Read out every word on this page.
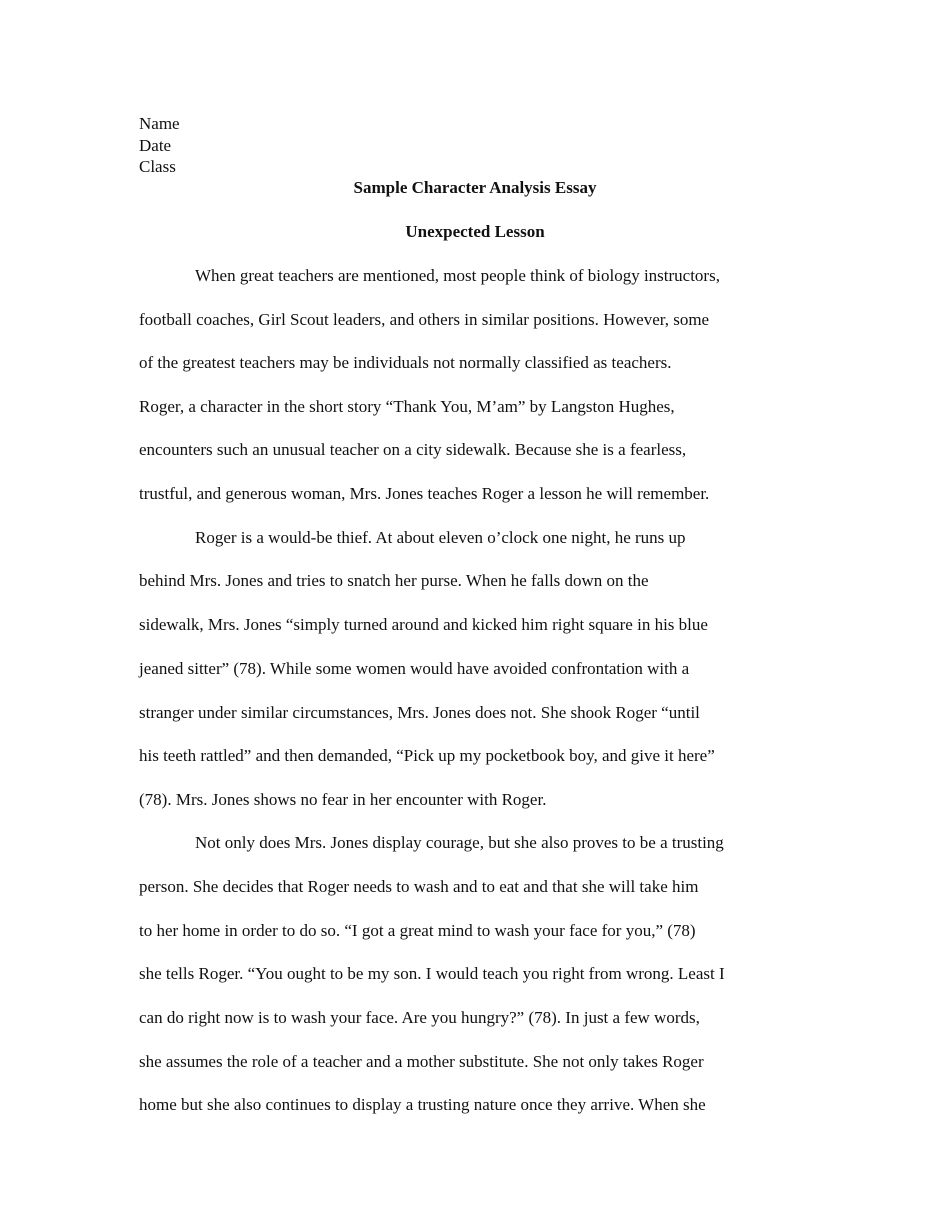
Name
Date
Class
Sample Character Analysis Essay
Unexpected Lesson
When great teachers are mentioned, most people think of biology instructors,
football coaches, Girl Scout leaders, and others in similar positions. However, some
of the greatest teachers may be individuals not normally classified as teachers.
Roger, a character in the short story “Thank You, M’am” by Langston Hughes,
encounters such an unusual teacher on a city sidewalk. Because she is a fearless,
trustful, and generous woman, Mrs. Jones teaches Roger a lesson he will remember.
Roger is a would-be thief. At about eleven o’clock one night, he runs up
behind Mrs. Jones and tries to snatch her purse. When he falls down on the
sidewalk, Mrs. Jones “simply turned around and kicked him right square in his blue
jeaned sitter” (78). While some women would have avoided confrontation with a
stranger under similar circumstances, Mrs. Jones does not. She shook Roger “until
his teeth rattled” and then demanded, “Pick up my pocketbook boy, and give it here”
(78). Mrs. Jones shows no fear in her encounter with Roger.
Not only does Mrs. Jones display courage, but she also proves to be a trusting
person. She decides that Roger needs to wash and to eat and that she will take him
to her home in order to do so. “I got a great mind to wash your face for you,” (78)
she tells Roger. “You ought to be my son. I would teach you right from wrong. Least I
can do right now is to wash your face. Are you hungry?” (78). In just a few words,
she assumes the role of a teacher and a mother substitute. She not only takes Roger
home but she also continues to display a trusting nature once they arrive. When she
